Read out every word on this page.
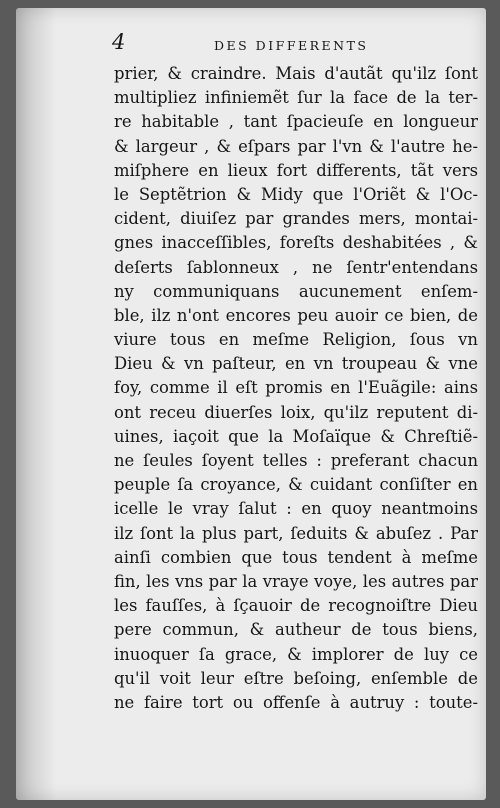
4	DES DIFFERENTS
prier, & craindre. Mais d'autãt qu'ilz ſont
multipliez infiniemẽt ſur la face de la ter-
re habitable , tant ſpacieuſe en longueur
& largeur , & eſpars par l'vn & l'autre he-
miſphere en lieux fort differents, tãt vers
le Septẽtrion & Midy que l'Oriẽt & l'Oc-
cident, diuiſez par grandes mers, montai-
gnes inacceſſibles, foreſts deshabitées , &
deſerts ſablonneux , ne ſentr'entendans
ny communiquans aucunement enſem-
ble, ilz n'ont encores peu auoir ce bien, de
viure tous en meſme Religion, ſous vn
Dieu & vn paſteur, en vn troupeau & vne
foy, comme il eſt promis en l'Euãgile: ains
ont receu diuerſes loix, qu'ilz reputent di-
uines, iaçoit que la Moſaïque & Chreſtiẽ-
ne ſeules ſoyent telles : preferant chacun
peuple ſa croyance, & cuidant conſiſter en
icelle le vray ſalut : en quoy neantmoins
ilz ſont la plus part, ſeduits & abuſez . Par
ainſi combien que tous tendent à meſme
fin, les vns par la vraye voye, les autres par
les fauſſes, à ſçauoir de recognoiſtre Dieu
pere commun, & autheur de tous biens,
inuoquer ſa grace, & implorer de luy ce
qu'il voit leur eſtre beſoing, enſemble de
ne faire tort ou offenſe à autruy : toute-
